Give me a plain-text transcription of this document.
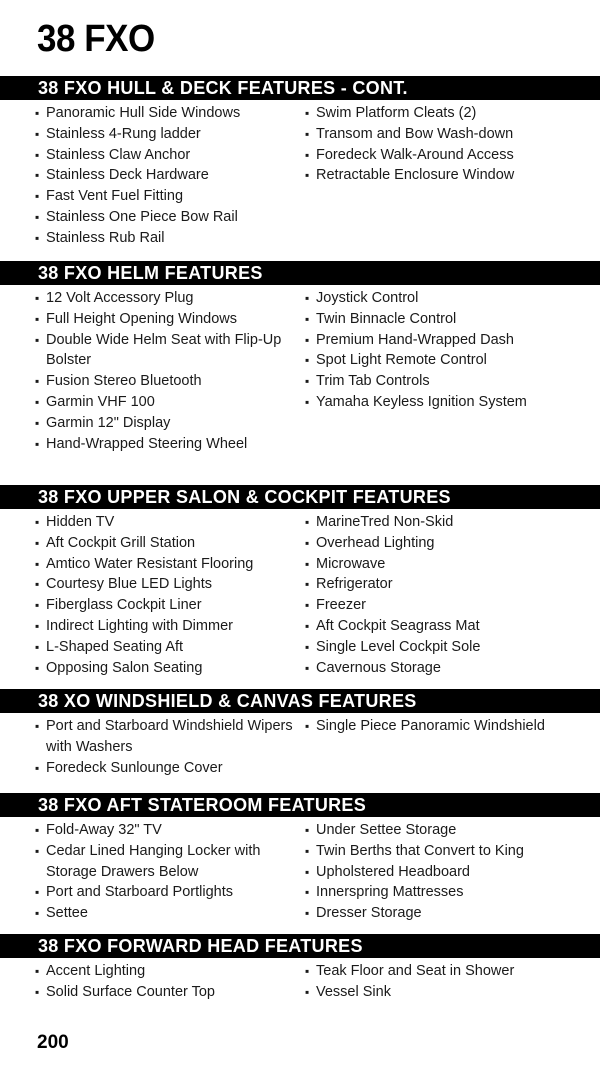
38 FXO
38 FXO HULL & DECK FEATURES - CONT.
▪ Panoramic Hull Side Windows
▪ Stainless 4-Rung ladder
▪ Stainless Claw Anchor
▪ Stainless Deck Hardware
▪ Fast Vent Fuel Fitting
▪ Stainless One Piece Bow Rail
▪ Stainless Rub Rail
▪ Swim Platform Cleats (2)
▪ Transom and Bow Wash-down
▪ Foredeck Walk-Around Access
▪ Retractable Enclosure Window
38 FXO HELM FEATURES
▪ 12 Volt Accessory Plug
▪ Full Height Opening Windows
▪ Double Wide Helm Seat with Flip-Up Bolster
▪ Fusion Stereo Bluetooth
▪ Garmin VHF 100
▪ Garmin 12" Display
▪ Hand-Wrapped Steering Wheel
▪ Joystick Control
▪ Twin Binnacle Control
▪ Premium Hand-Wrapped Dash
▪ Spot Light Remote Control
▪ Trim Tab Controls
▪ Yamaha Keyless Ignition System
38 FXO UPPER SALON & COCKPIT FEATURES
▪ Hidden TV
▪ Aft Cockpit Grill Station
▪ Amtico Water Resistant Flooring
▪ Courtesy Blue LED Lights
▪ Fiberglass Cockpit Liner
▪ Indirect Lighting with Dimmer
▪ L-Shaped Seating Aft
▪ Opposing Salon Seating
▪ MarineTred Non-Skid
▪ Overhead Lighting
▪ Microwave
▪ Refrigerator
▪ Freezer
▪ Aft Cockpit Seagrass Mat
▪ Single Level Cockpit Sole
▪ Cavernous Storage
38 XO WINDSHIELD & CANVAS FEATURES
▪ Port and Starboard Windshield Wipers with Washers
▪ Foredeck Sunlounge Cover
▪ Single Piece Panoramic Windshield
38 FXO AFT STATEROOM FEATURES
▪ Fold-Away 32" TV
▪ Cedar Lined Hanging Locker with Storage Drawers Below
▪ Port and Starboard Portlights
▪ Settee
▪ Under Settee Storage
▪ Twin Berths that Convert to King
▪ Upholstered Headboard
▪ Innerspring Mattresses
▪ Dresser Storage
38 FXO FORWARD HEAD FEATURES
▪ Accent Lighting
▪ Solid Surface Counter Top
▪ Teak Floor and Seat in Shower
▪ Vessel Sink
200
